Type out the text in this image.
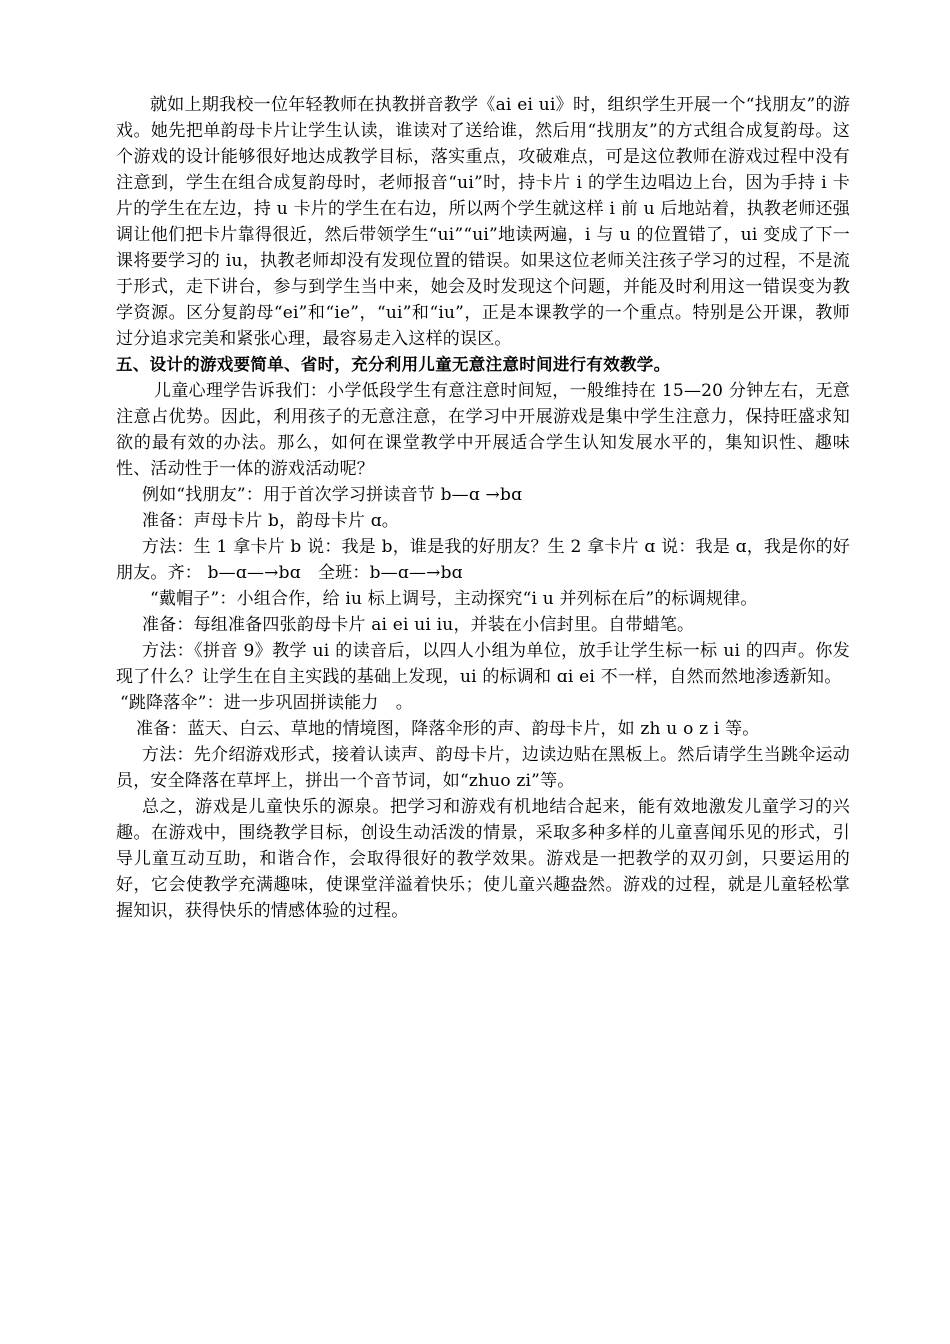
就如上期我校一位年轻教师在执教拼音教学《ai ei ui》时，组织学生开展一个“找朋友”的游戏。她先把单韵母卡片让学生认读，谁读对了送给谁，然后用“找朋友”的方式组合成复韵母。这个游戏的设计能够很好地达成教学目标，落实重点，攻破难点，可是这位教师在游戏过程中没有注意到，学生在组合成复韵母时，老师报音“ui”时，持卡片 i 的学生边唱边上台，因为手持 i 卡片的学生在左边，持 u 卡片的学生在右边，所以两个学生就这样 i 前 u 后地站着，执教老师还强调让他们把卡片靠得很近，然后带领学生“ui”“ui”地读两遍，i 与 u 的位置错了，ui 变成了下一课将要学习的 iu，执教老师却没有发现位置的错误。如果这位老师关注孩子学习的过程，不是流于形式，走下讲台，参与到学生当中来，她会及时发现这个问题，并能及时利用这一错误变为教学资源。区分复韵母“ei”和“ie”，“ui”和“iu”，正是本课教学的一个重点。特别是公开课，教师过分追求完美和紧张心理，最容易走入这样的误区。

五、设计的游戏要简单、省时，充分利用儿童无意注意时间进行有效教学。

儿童心理学告诉我们：小学低段学生有意注意时间短，一般维持在 15—20 分钟左右，无意注意占优势。因此，利用孩子的无意注意，在学习中开展游戏是集中学生注意力，保持旺盛求知欲的最有效的办法。那么，如何在课堂教学中开展适合学生认知发展水平的，集知识性、趣味性、活动性于一体的游戏活动呢？

例如“找朋友”：用于首次学习拼读音节 b—ɑ →bɑ

准备：声母卡片 b，韵母卡片 ɑ。

方法：生 1 拿卡片 b 说：我是 b，谁是我的好朋友？生 2 拿卡片 ɑ 说：我是 ɑ，我是你的好朋友。齐： b—ɑ—→bɑ　全班：b—ɑ—→bɑ

“戴帽子”：小组合作，给 iu 标上调号，主动探究“i u 并列标在后”的标调规律。

准备：每组准备四张韵母卡片 ai ei ui iu，并装在小信封里。自带蜡笔。

方法：《拼音 9》教学 ui 的读音后，以四人小组为单位，放手让学生标一标 ui 的四声。你发现了什么？让学生在自主实践的基础上发现，ui 的标调和 ɑi ei 不一样，自然而然地渗透新知。

“跳降落伞”：进一步巩固拼读能力　。

准备：蓝天、白云、草地的情境图，降落伞形的声、韵母卡片，如 zh u o z i 等。

方法：先介绍游戏形式，接着认读声、韵母卡片，边读边贴在黑板上。然后请学生当跳伞运动员，安全降落在草坪上，拼出一个音节词，如“zhuo zi”等。

总之，游戏是儿童快乐的源泉。把学习和游戏有机地结合起来，能有效地激发儿童学习的兴趣。在游戏中，围绕教学目标，创设生动活泼的情景，采取多种多样的儿童喜闻乐见的形式，引导儿童互动互助，和谐合作，会取得很好的教学效果。游戏是一把教学的双刃剑，只要运用的好，它会使教学充满趣味，使课堂洋溢着快乐；使儿童兴趣盎然。游戏的过程，就是儿童轻松掌握知识，获得快乐的情感体验的过程。
